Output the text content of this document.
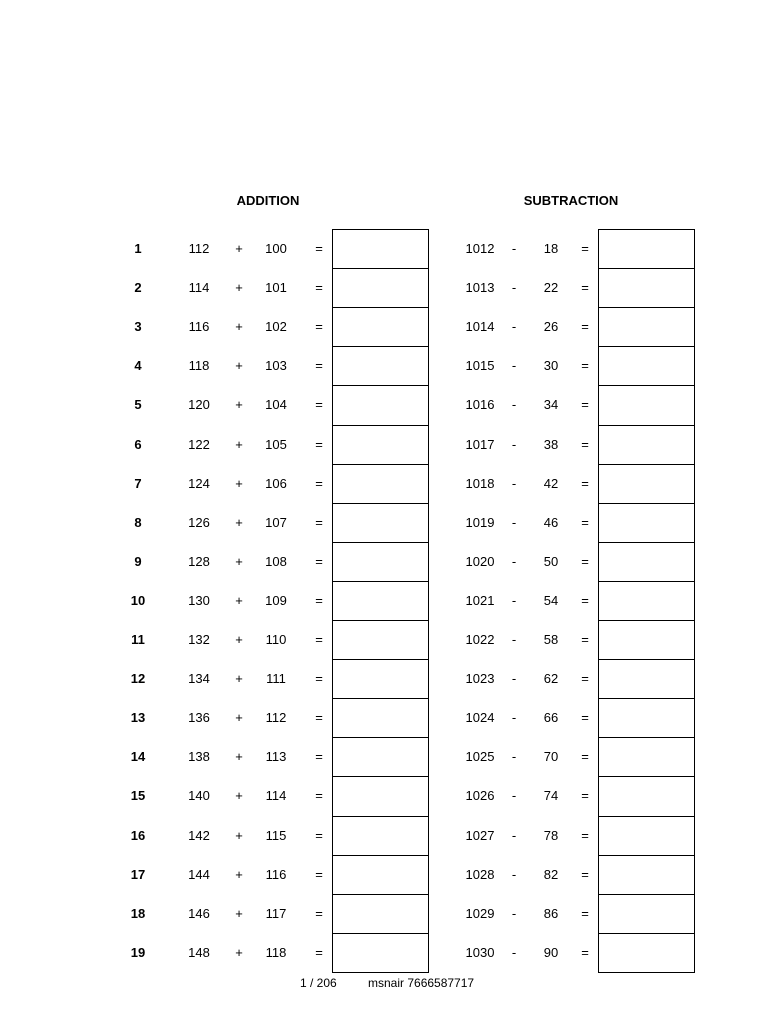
ADDITION	SUBTRACTION
1	112	+	100	=	1012	-	18	=
2	114	+	101	=	1013	-	22	=
3	116	+	102	=	1014	-	26	=
4	118	+	103	=	1015	-	30	=
5	120	+	104	=	1016	-	34	=
6	122	+	105	=	1017	-	38	=
7	124	+	106	=	1018	-	42	=
8	126	+	107	=	1019	-	46	=
9	128	+	108	=	1020	-	50	=
10	130	+	109	=	1021	-	54	=
11	132	+	110	=	1022	-	58	=
12	134	+	111	=	1023	-	62	=
13	136	+	112	=	1024	-	66	=
14	138	+	113	=	1025	-	70	=
15	140	+	114	=	1026	-	74	=
16	142	+	115	=	1027	-	78	=
17	144	+	116	=	1028	-	82	=
18	146	+	117	=	1029	-	86	=
19	148	+	118	=	1030	-	90	=
1 / 206	msnair 7666587717
